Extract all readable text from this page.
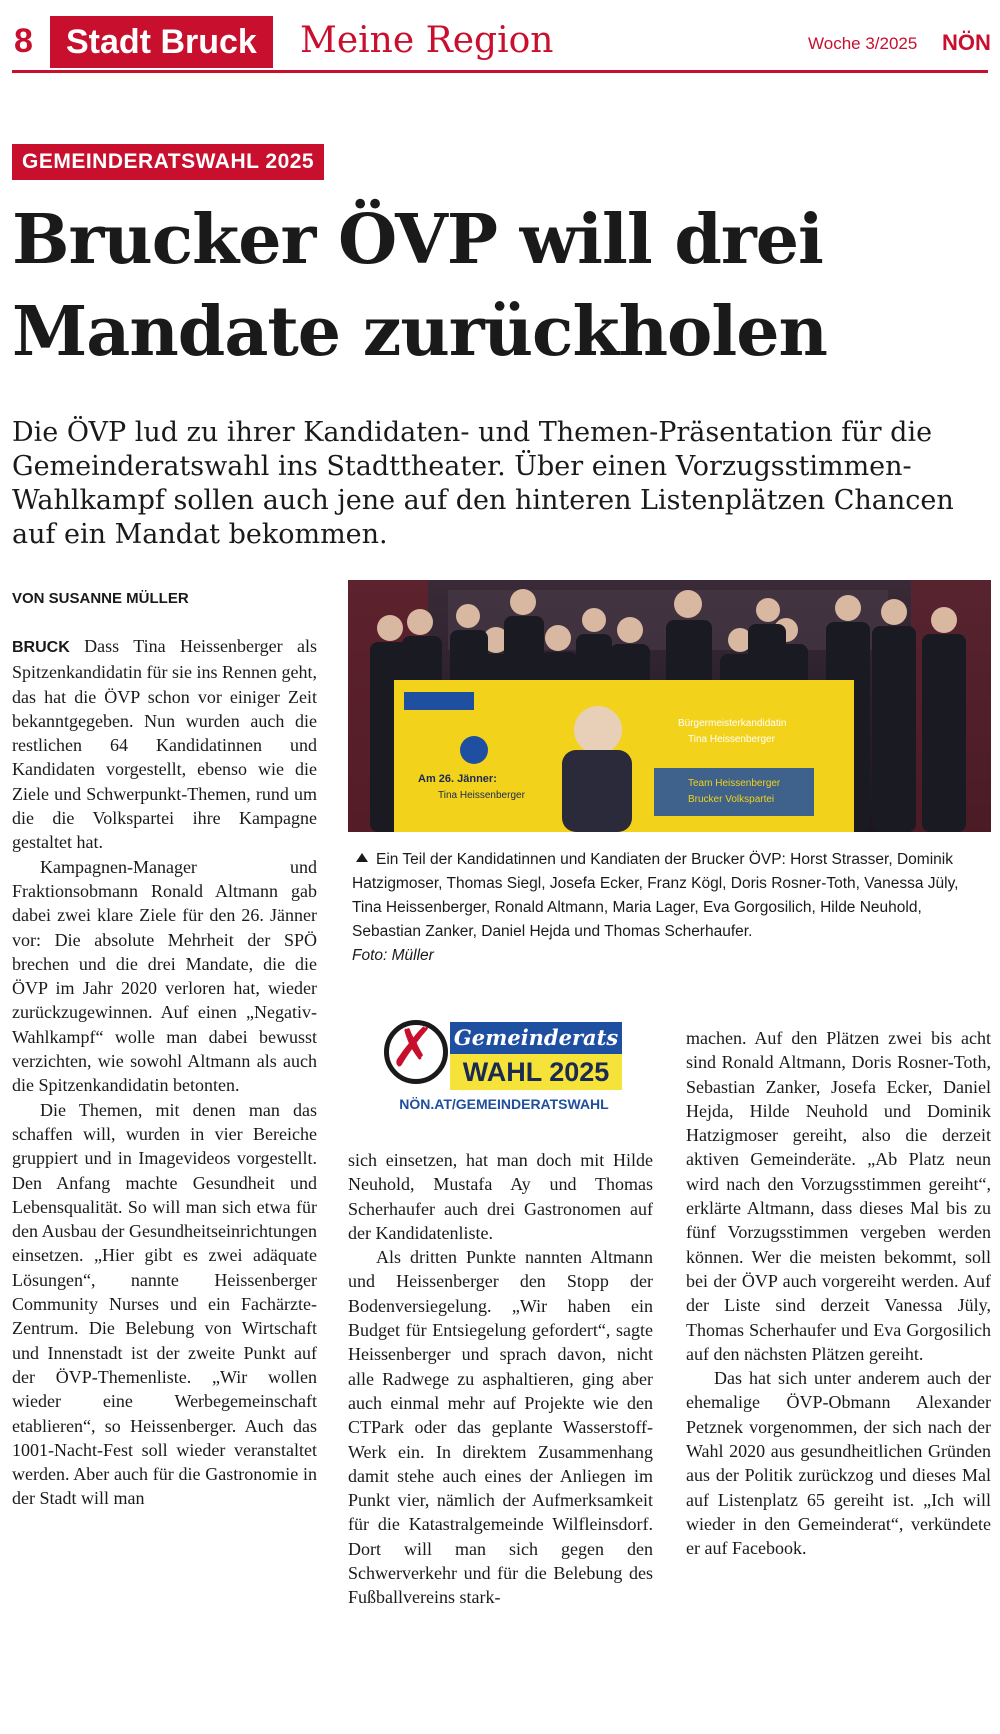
8 Stadt Bruck	Meine Region	Woche 3/2025 NÖN
GEMEINDERATSWAHL 2025
Brucker ÖVP will drei
Mandate zurückholen
Die ÖVP lud zu ihrer Kandidaten- und Themen-Präsentation für die Gemeinderatswahl ins Stadttheater. Über einen Vorzugsstimmen-Wahlkampf sollen auch jene auf den hinteren Listenplätzen Chancen auf ein Mandat bekommen.
VON SUSANNE MÜLLER

BRUCK Dass Tina Heissenberger als Spitzenkandidatin für sie ins Rennen geht, das hat die ÖVP schon vor einiger Zeit bekanntgegeben. Nun wurden auch die restlichen 64 Kandidatinnen und Kandidaten vorgestellt, ebenso wie die Ziele und Schwerpunkt-Themen, rund um die die Volkspartei ihre Kampagne gestaltet hat.

Kampagnen-Manager und Fraktionsobmann Ronald Altmann gab dabei zwei klare Ziele für den 26. Jänner vor: Die absolute Mehrheit der SPÖ brechen und die drei Mandate, die die ÖVP im Jahr 2020 verloren hat, wieder zurückzugewinnen. Auf einen „Negativ-Wahlkampf“ wolle man dabei bewusst verzichten, wie sowohl Altmann als auch die Spitzenkandidatin betonten.

Die Themen, mit denen man das schaffen will, wurden in vier Bereiche gruppiert und in Imagevideos vorgestellt. Den Anfang machte Gesundheit und Lebensqualität. So will man sich etwa für den Ausbau der Gesundheitseinrichtungen einsetzen. „Hier gibt es zwei adäquate Lösungen“, nannte Heissenberger Community Nurses und ein Fachärzte-Zentrum. Die Belebung von Wirtschaft und Innenstadt ist der zweite Punkt auf der ÖVP-Themenliste. „Wir wollen wieder eine Werbegemeinschaft etablieren“, so Heissenberger. Auch das 1001-Nacht-Fest soll wieder veranstaltet werden. Aber auch für die Gastronomie in der Stadt will man

Am 26. Jänner:
Tina Heissenberger
Bürgermeisterkandidatin
Tina Heissenberger
Team Heissenberger
Brucker Volkspartei
Ein Teil der Kandidatinnen und Kandiaten der Brucker ÖVP: Horst Strasser, Dominik Hatzigmoser, Thomas Siegl, Josefa Ecker, Franz Kögl, Doris Rosner-Toth, Vanessa Jüly, Tina Heissenberger, Ronald Altmann, Maria Lager, Eva Gorgosilich, Hilde Neuhold, Sebastian Zanker, Daniel Hejda und Thomas Scherhaufer.
Foto: Müller
✗ Gemeinderats
WAHL 2025
NÖN.AT/GEMEINDERATSWAHL

sich einsetzen, hat man doch mit Hilde Neuhold, Mustafa Ay und Thomas Scherhaufer auch drei Gastronomen auf der Kandidatenliste.

Als dritten Punkte nannten Altmann und Heissenberger den Stopp der Bodenversiegelung. „Wir haben ein Budget für Entsiegelung gefordert“, sagte Heissenberger und sprach davon, nicht alle Radwege zu asphaltieren, ging aber auch einmal mehr auf Projekte wie den CTPark oder das geplante Wasserstoff-Werk ein. In direktem Zusammenhang damit stehe auch eines der Anliegen im Punkt vier, nämlich der Aufmerksamkeit für die Katastralgemeinde Wilfleinsdorf. Dort will man sich gegen den Schwerverkehr und für die Belebung des Fußballvereins stark-

machen. Auf den Plätzen zwei bis acht sind Ronald Altmann, Doris Rosner-Toth, Sebastian Zanker, Josefa Ecker, Daniel Hejda, Hilde Neuhold und Dominik Hatzigmoser gereiht, also die derzeit aktiven Gemeinderäte. „Ab Platz neun wird nach den Vorzugsstimmen gereiht“, erklärte Altmann, dass dieses Mal bis zu fünf Vorzugsstimmen vergeben werden können. Wer die meisten bekommt, soll bei der ÖVP auch vorgereiht werden. Auf der Liste sind derzeit Vanessa Jüly, Thomas Scherhaufer und Eva Gorgosilich auf den nächsten Plätzen gereiht.

Das hat sich unter anderem auch der ehemalige ÖVP-Obmann Alexander Petznek vorgenommen, der sich nach der Wahl 2020 aus gesundheitlichen Gründen aus der Politik zurückzog und dieses Mal auf Listenplatz 65 gereiht ist. „Ich will wieder in den Gemeinderat“, verkündete er auf Facebook.
